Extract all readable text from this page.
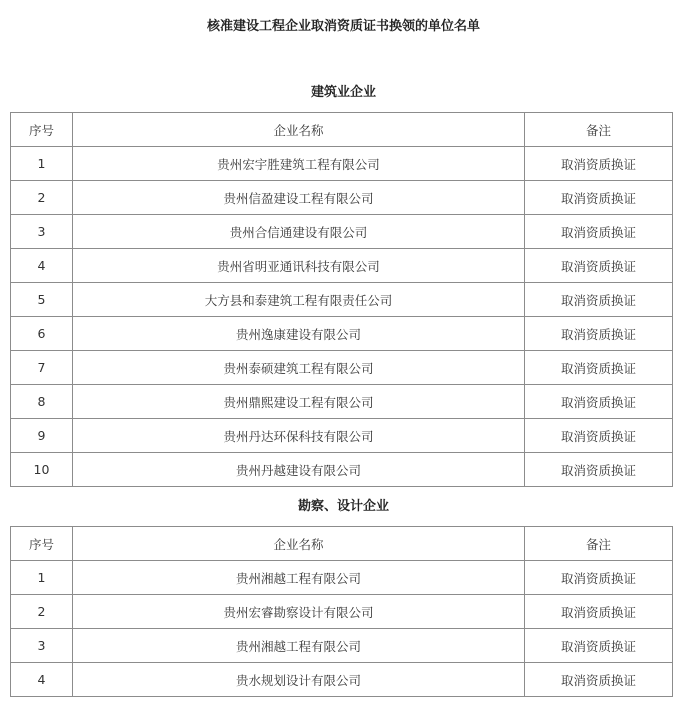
核准建设工程企业取消资质证书换领的单位名单
建筑业企业
序号	企业名称	备注
1	贵州宏宇胜建筑工程有限公司	取消资质换证
2	贵州信盈建设工程有限公司	取消资质换证
3	贵州合信通建设有限公司	取消资质换证
4	贵州省明亚通讯科技有限公司	取消资质换证
5	大方县和泰建筑工程有限责任公司	取消资质换证
6	贵州逸康建设有限公司	取消资质换证
7	贵州泰硕建筑工程有限公司	取消资质换证
8	贵州鼎熙建设工程有限公司	取消资质换证
9	贵州丹达环保科技有限公司	取消资质换证
10	贵州丹越建设有限公司	取消资质换证
勘察、设计企业
序号	企业名称	备注
1	贵州湘越工程有限公司	取消资质换证
2	贵州宏睿勘察设计有限公司	取消资质换证
3	贵州湘越工程有限公司	取消资质换证
4	贵水规划设计有限公司	取消资质换证
